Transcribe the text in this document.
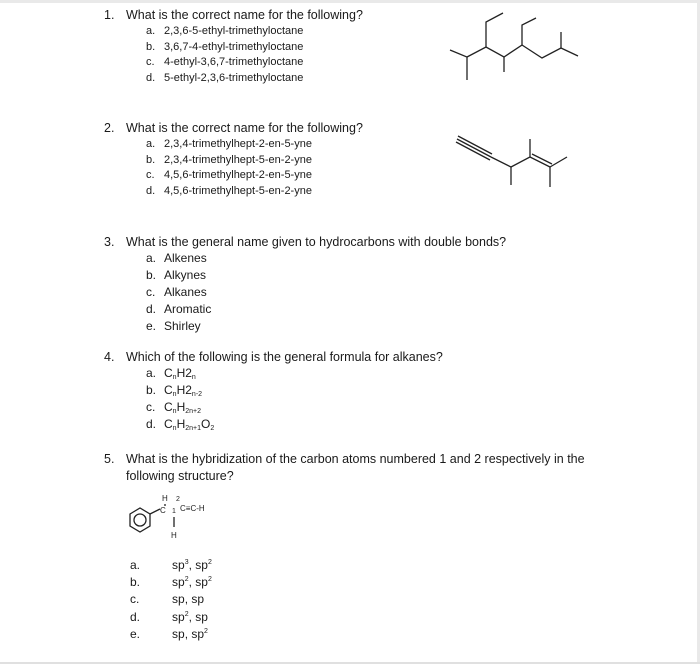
1. What is the correct name for the following?
a. 2,3,6-5-ethyl-trimethyloctane
b. 3,6,7-4-ethyl-trimethyloctane
c. 4-ethyl-3,6,7-trimethyloctane
d. 5-ethyl-2,3,6-trimethyloctane
2. What is the correct name for the following?
a. 2,3,4-trimethylhept-2-en-5-yne
b. 2,3,4-trimethylhept-5-en-2-yne
c. 4,5,6-trimethylhept-2-en-5-yne
d. 4,5,6-trimethylhept-5-en-2-yne
3. What is the general name given to hydrocarbons with double bonds?
a. Alkenes
b. Alkynes
c. Alkanes
d. Aromatic
e. Shirley
4. Which of the following is the general formula for alkanes?
a. $C_nH2_n$
b. $C_nH2_{n-2}$
c. $C_nH_{2n+2}$
d. $C_nH_{2n+1}O_2$
5. What is the hybridization of the carbon atoms numbered 1 and 2 respectively in the
following structure?
H 2
C 1 C≡C-H
H
a.	$sp^3$, $sp^2$
b.	$sp^2$, $sp^2$
c.	sp, sp
d.	$sp^2$, sp
e.	sp, $sp^2$
